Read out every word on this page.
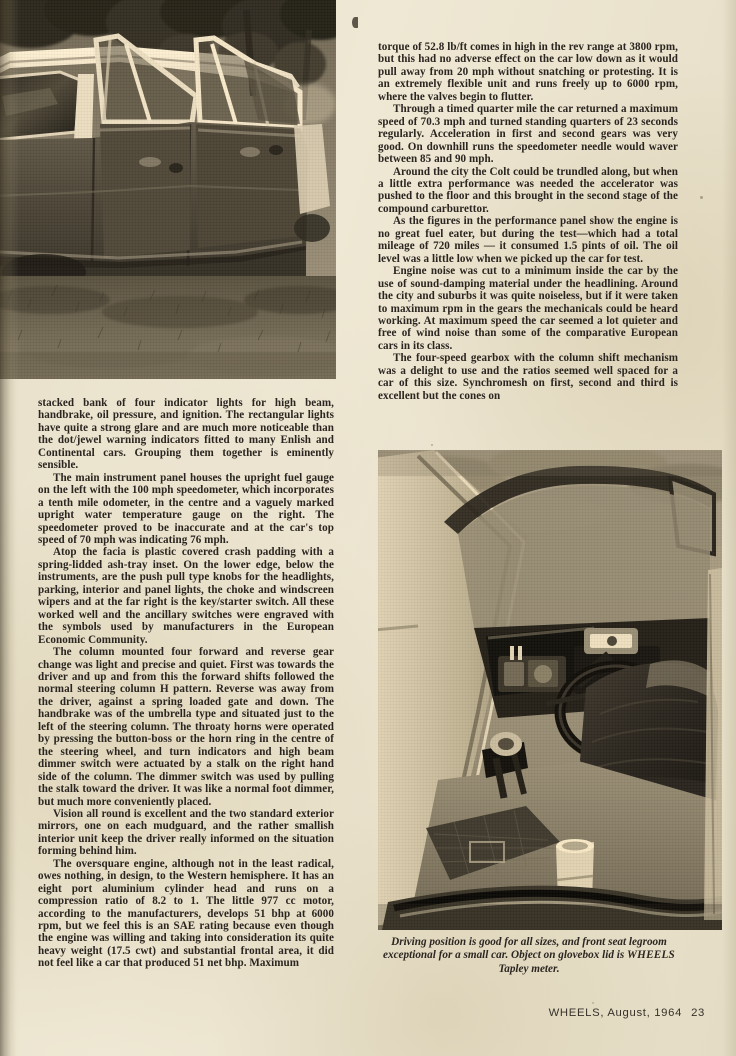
torque of 52.8 lb/ft comes in high in the rev range at 3800 rpm, but this had no adverse effect on the car low down as it would pull away from 20 mph without snatching or protesting. It is an extremely flexible unit and runs freely up to 6000 rpm, where the valves begin to flutter.

Through a timed quarter mile the car returned a maximum speed of 70.3 mph and turned standing quarters of 23 seconds regularly. Acceleration in first and second gears was very good. On downhill runs the speedometer needle would waver between 85 and 90 mph.

Around the city the Colt could be trundled along, but when a little extra performance was needed the accelerator was pushed to the floor and this brought in the second stage of the compound carburettor.

As the figures in the performance panel show the engine is no great fuel eater, but during the test—which had a total mileage of 720 miles — it consumed 1.5 pints of oil. The oil level was a little low when we picked up the car for test.

Engine noise was cut to a minimum inside the car by the use of sound-damping material under the headlining. Around the city and suburbs it was quite noiseless, but if it were taken to maximum rpm in the gears the mechanicals could be heard working. At maximum speed the car seemed a lot quieter and free of wind noise than some of the comparative European cars in its class.

The four-speed gearbox with the column shift mechanism was a delight to use and the ratios seemed well spaced for a car of this size. Synchromesh on first, second and third is excellent but the cones on

stacked bank of four indicator lights for high beam, handbrake, oil pressure, and ignition. The rectangular lights have quite a strong glare and are much more noticeable than the dot/jewel warning indicators fitted to many Enlish and Continental cars. Grouping them together is eminently sensible.

The main instrument panel houses the upright fuel gauge on the left with the 100 mph speedometer, which incorporates a tenth mile odometer, in the centre and a vaguely marked upright water temperature gauge on the right. The speedometer proved to be inaccurate and at the car's top speed of 70 mph was indicating 76 mph.

Atop the facia is plastic covered crash padding with a spring-lidded ash-tray inset. On the lower edge, below the instruments, are the push pull type knobs for the headlights, parking, interior and panel lights, the choke and windscreen wipers and at the far right is the key/starter switch. All these worked well and the ancillary switches were engraved with the symbols used by manufacturers in the European Economic Community.

The column mounted four forward and reverse gear change was light and precise and quiet. First was towards the driver and up and from this the forward shifts followed the normal steering column H pattern. Reverse was away from the driver, against a spring loaded gate and down. The handbrake was of the umbrella type and situated just to the left of the steering column. The throaty horns were operated by pressing the button-boss or the horn ring in the centre of the steering wheel, and turn indicators and high beam dimmer switch were actuated by a stalk on the right hand side of the column. The dimmer switch was used by pulling the stalk toward the driver. It was like a normal foot dimmer, but much more conveniently placed.

Vision all round is excellent and the two standard exterior mirrors, one on each mudguard, and the rather smallish interior unit keep the driver really informed on the situation forming behind him.

The oversquare engine, although not in the least radical, owes nothing, in design, to the Western hemisphere. It has an eight port aluminium cylinder head and runs on a compression ratio of 8.2 to 1. The little 977 cc motor, according to the manufacturers, develops 51 bhp at 6000 rpm, but we feel this is an SAE rating because even though the engine was willing and taking into consideration its quite heavy weight (17.5 cwt) and substantial frontal area, it did not feel like a car that produced 51 net bhp. Maximum

Driving position is good for all sizes, and front seat legroom exceptional for a small car. Object on glovebox lid is WHEELS Tapley meter.
WHEELS, August, 1964 23
